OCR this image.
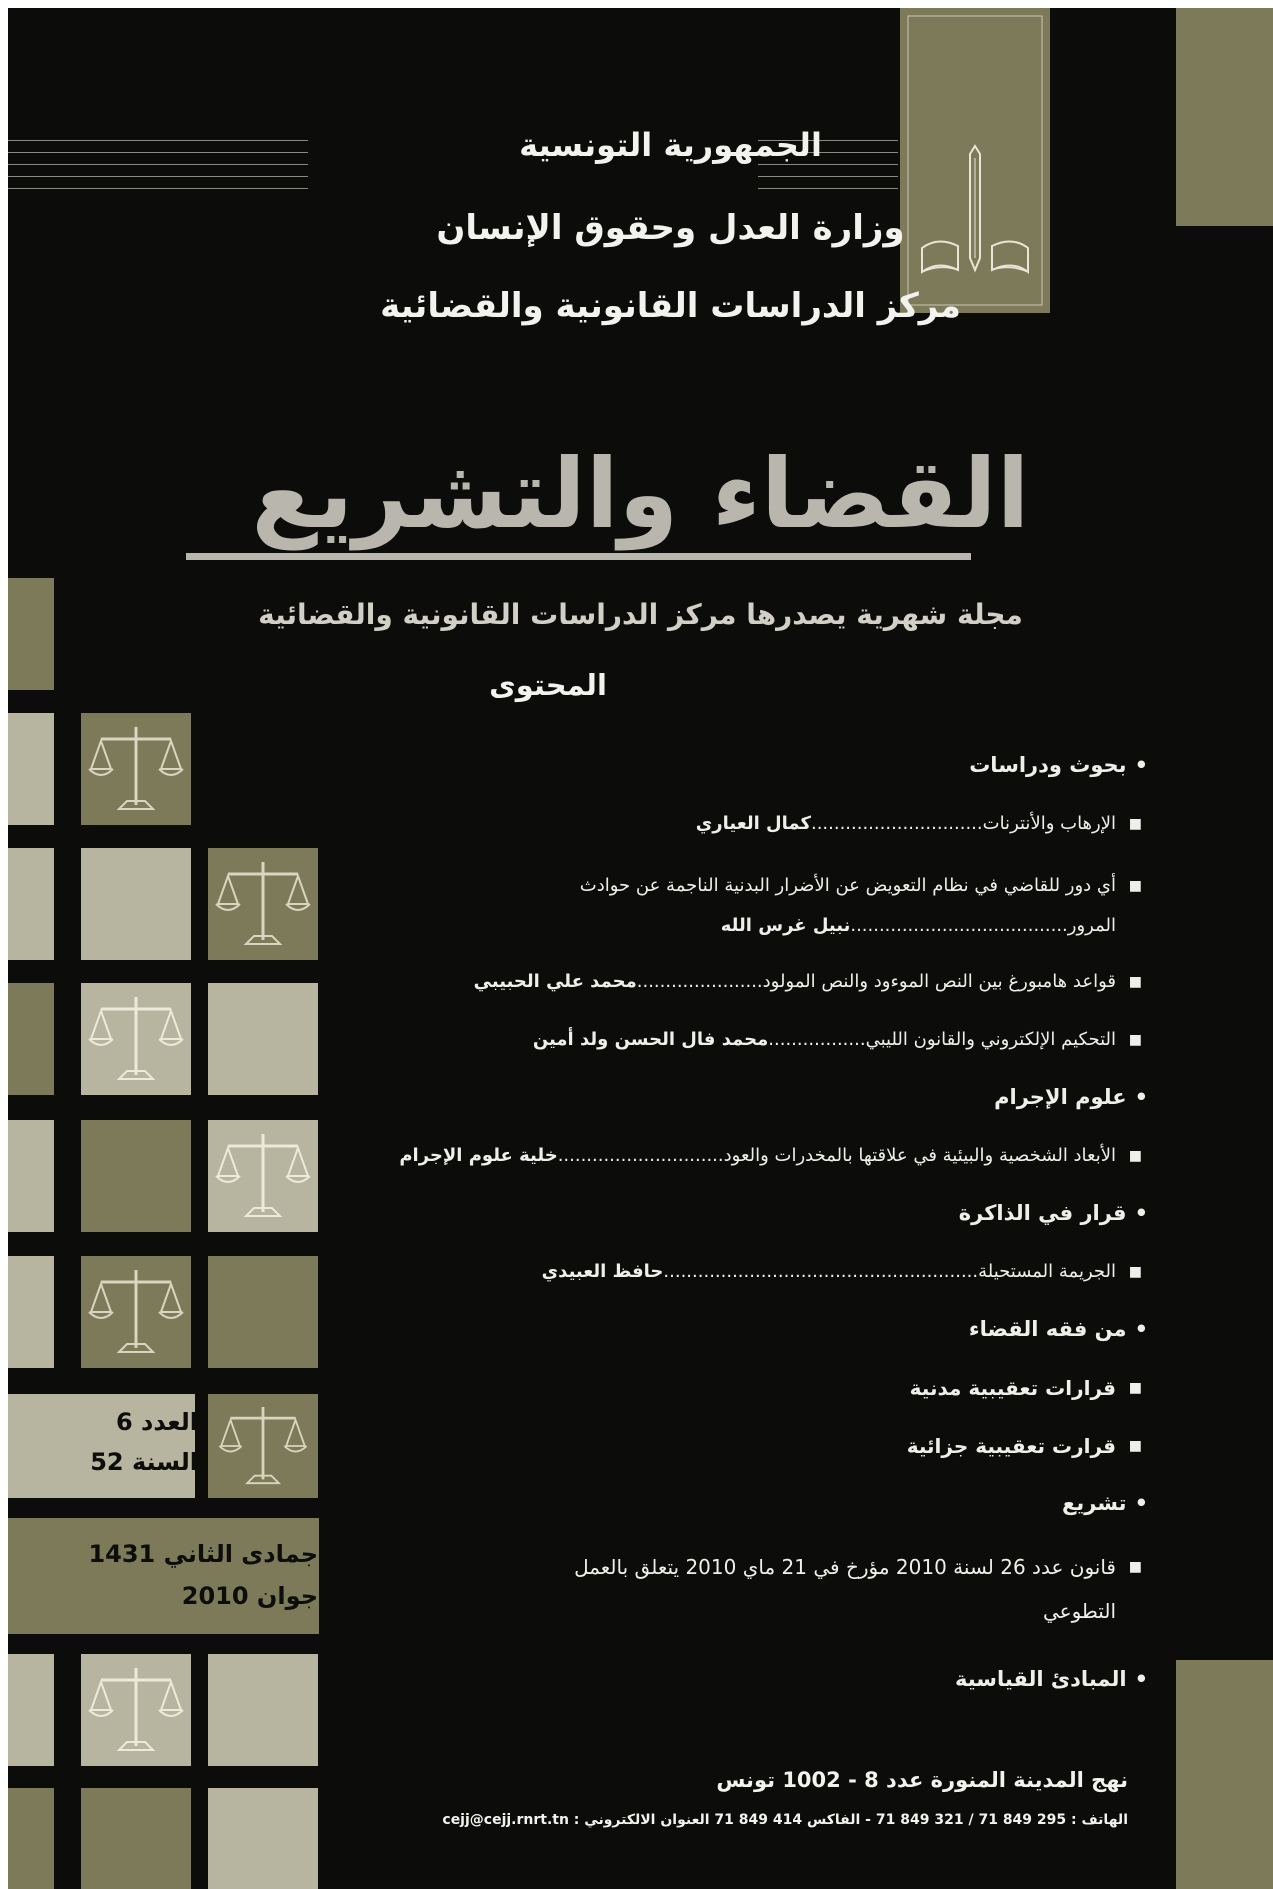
الجمهورية التونسية
وزارة العدل وحقوق الإنسان
مركز الدراسات القانونية والقضائية
القضاء والتشريع
مجلة شهرية يصدرها مركز الدراسات القانونية والقضائية
العدد 6
السنة 52
جمادى الثاني 1431
جوان 2010
المحتوى
•بحوث ودراسات
■
الإرهاب والأنترنات..............................كمال العياري
■
أي دور للقاضي في نظام التعويض عن الأضرار البدنية الناجمة عن حوادث
المرور......................................نبيل غرس الله
■
قواعد هامبورغ بين النص الموءود والنص المولود......................محمد علي الحبيبي
■
التحكيم الإلكتروني والقانون الليبي.................محمد فال الحسن ولد أمين
•علوم الإجرام
■
الأبعاد الشخصية والبيئية في علاقتها بالمخدرات والعود.............................خلية علوم الإجرام
•قرار في الذاكرة
■
الجريمة المستحيلة.......................................................حافظ العبيدي
•من فقه القضاء
■
قرارات تعقيبية مدنية
■
قرارت تعقيبية جزائية
•تشريع
■
قانون عدد 26 لسنة 2010 مؤرخ في 21 ماي 2010 يتعلق بالعمل
التطوعي
•المبادئ القياسية
نهج المدينة المنورة عدد 8 - 1002 تونس
الهاتف : 295 849 71 / 321 849 71 - الفاكس 414 849 71 العنوان الالكتروني : cejj@cejj.rnrt.tn
